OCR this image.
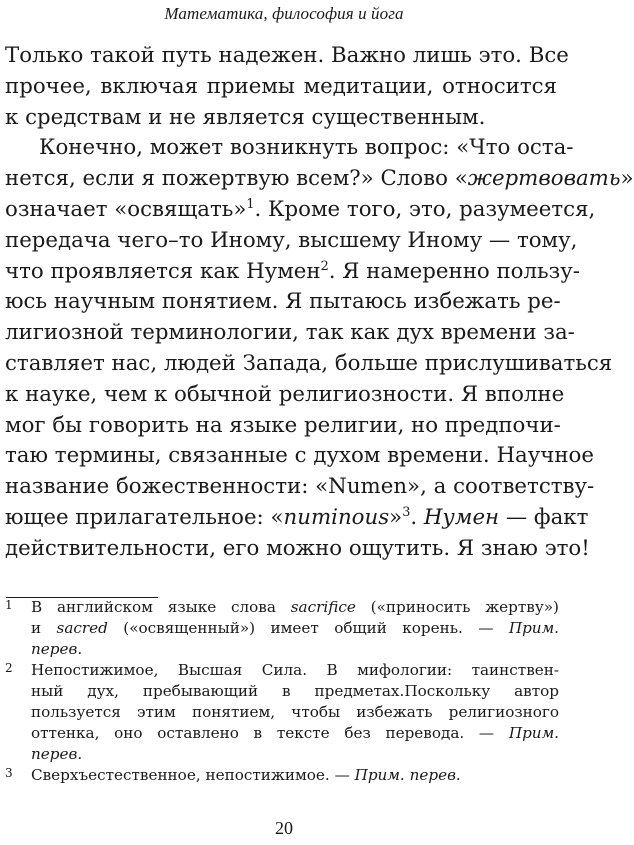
Математика, философия и йога
Только такой путь надежен. Важно лишь это. Все
прочее, включая приемы медитации, относится
к средствам и не является существенным.
Конечно, может возникнуть вопрос: «Что оста-
нется, если я пожертвую всем?» Слово «жертвовать»
означает «освящать»$^1$. Кроме того, это, разумеется,
передача чего–то Иному, высшему Иному — тому,
что проявляется как Нумен$^2$. Я намеренно пользу-
юсь научным понятием. Я пытаюсь избежать ре-
лигиозной терминологии, так как дух времени за-
ставляет нас, людей Запада, больше прислушиваться
к науке, чем к обычной религиозности. Я вполне
мог бы говорить на языке религии, но предпочи-
таю термины, связанные с духом времени. Научное
название божественности: «Numen», а соответству-
ющее прилагательное: «numinous»$^3$. Нумен — факт
действительности, его можно ощутить. Я знаю это!
1 В английском языке слова sacrifice («приносить жертву»)
и sacred («освященный») имеет общий корень. — Прим.
перев.
2 Непостижимое, Высшая Сила. В мифологии: таинствен-
ный дух, пребывающий в предметах.Поскольку автор
пользуется этим понятием, чтобы избежать религиозного
оттенка, оно оставлено в тексте без перевода. — Прим.
перев.
3 Сверхъестественное, непостижимое. — Прим. перев.
20
